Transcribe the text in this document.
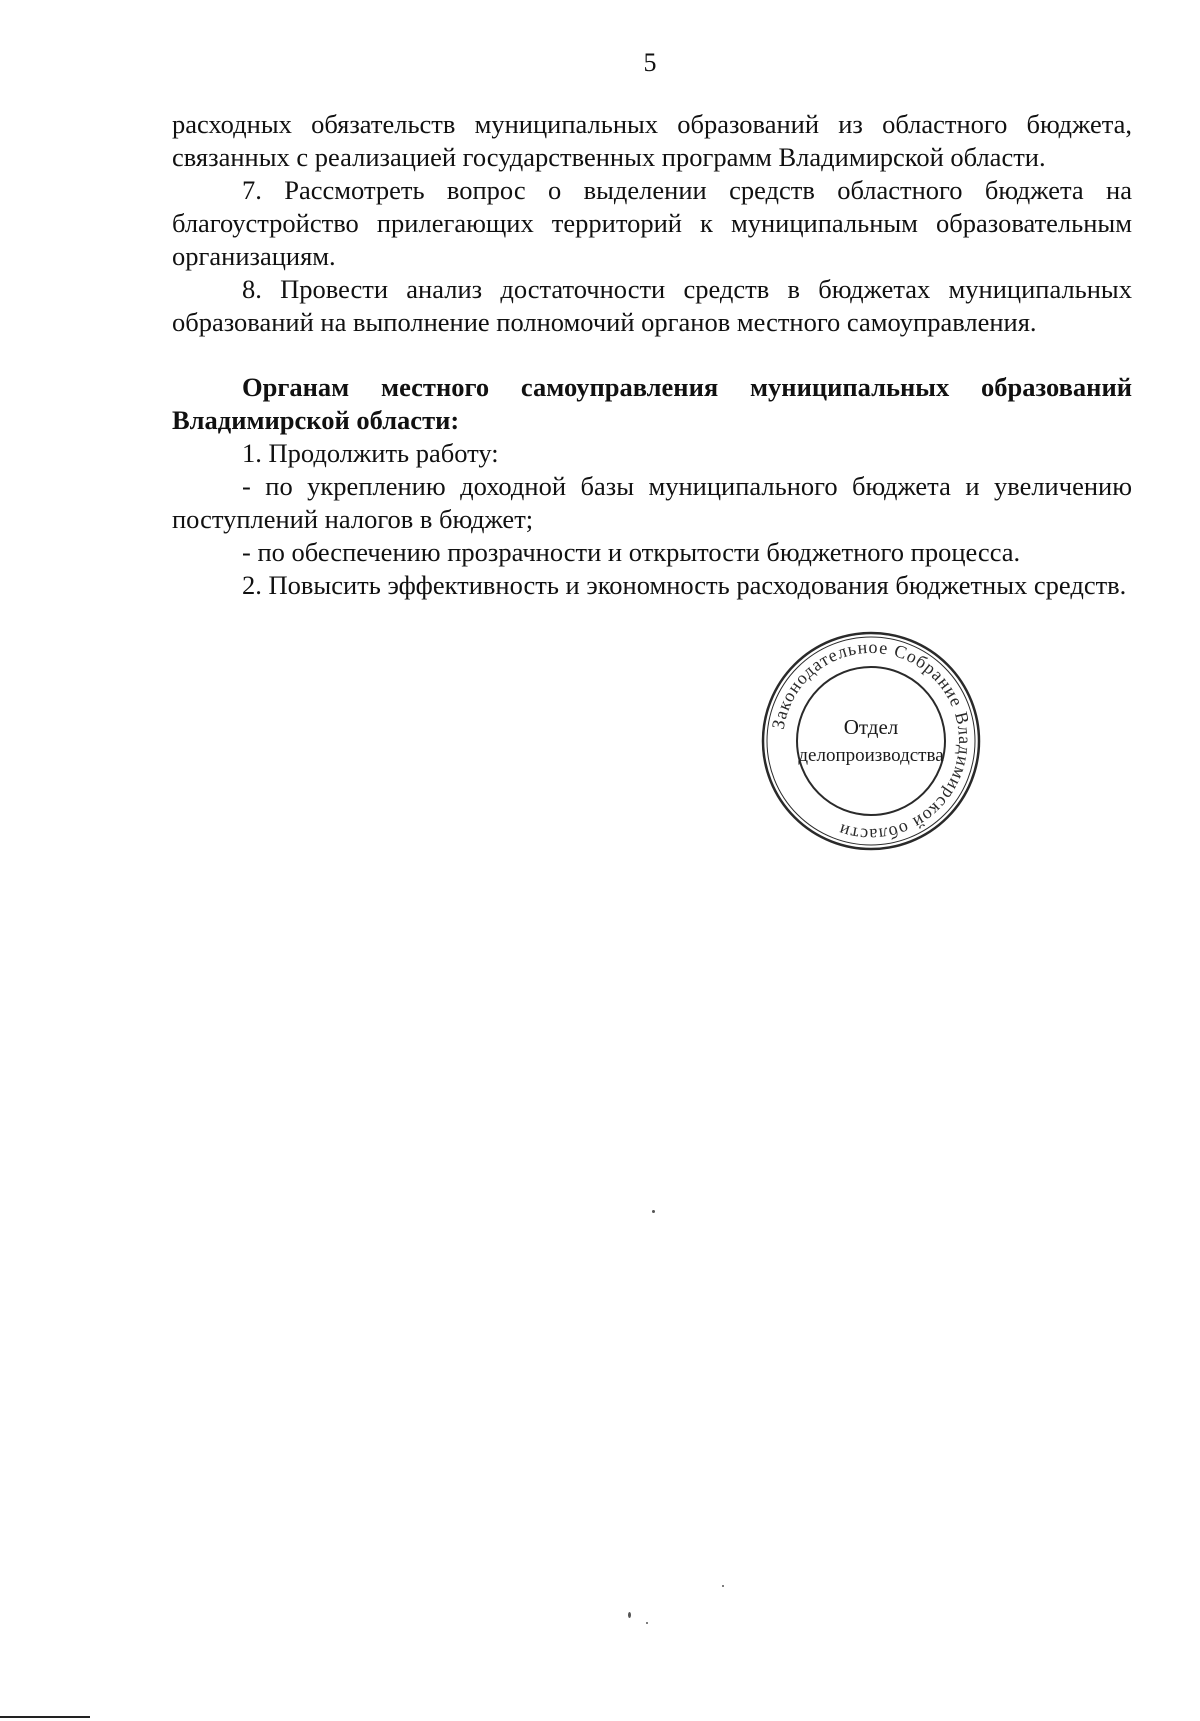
5

расходных обязательств муниципальных образований из областного бюджета, связанных с реализацией государственных программ Владимирской области.

7. Рассмотреть вопрос о выделении средств областного бюджета на благоустройство прилегающих территорий к муниципальным образовательным организациям.

8. Провести анализ достаточности средств в бюджетах муниципальных образований на выполнение полномочий органов местного самоуправления.

Органам местного самоуправления муниципальных образований Владимирской области:

1. Продолжить работу:

- по укреплению доходной базы муниципального бюджета и увеличению поступлений налогов в бюджет;

- по обеспечению прозрачности и открытости бюджетного процесса.

2. Повысить эффективность и экономность расходования бюджетных средств.

Законодательное Собрание Владимирской области
Отдел
делопроизводства
